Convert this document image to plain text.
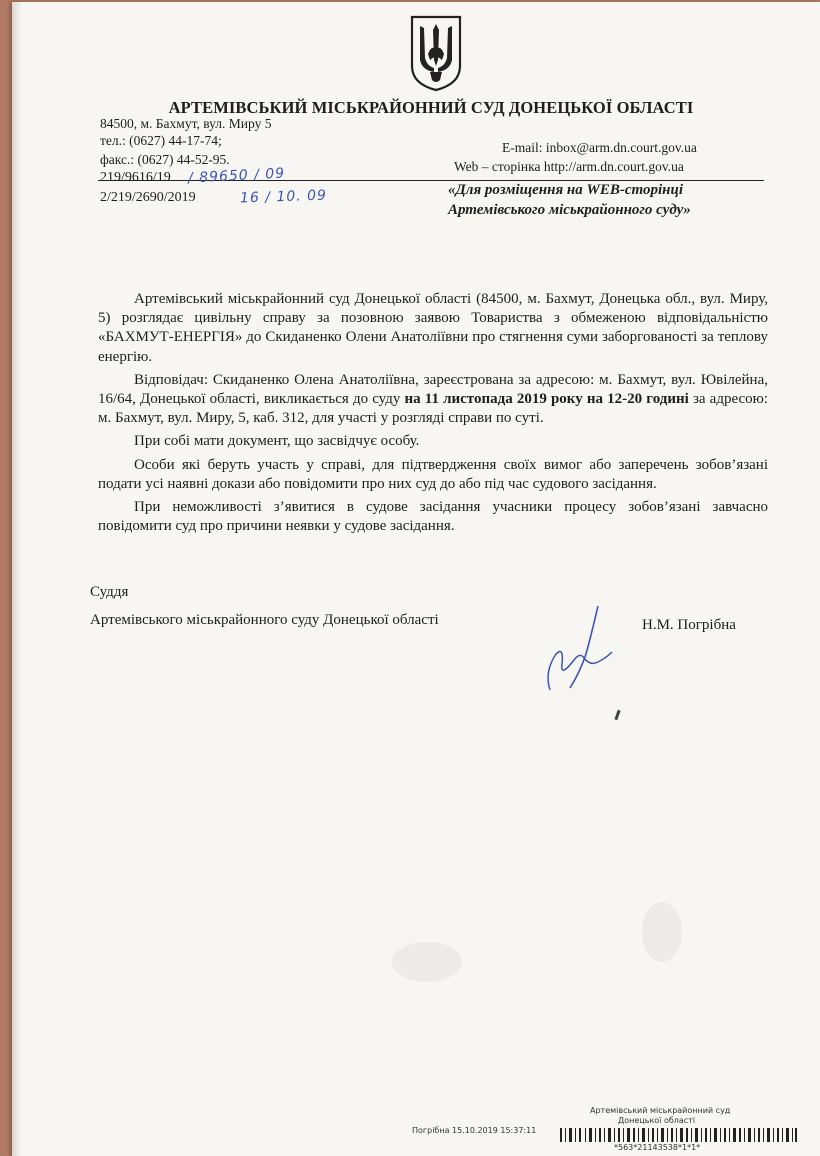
АРТЕМІВСЬКИЙ МІСЬКРАЙОННИЙ СУД ДОНЕЦЬКОЇ ОБЛАСТІ
84500, м. Бахмут, вул. Миру 5
тел.: (0627) 44-17-74;
факс.: (0627) 44-52-95.
E-mail: inbox@arm.dn.court.gov.ua
Web – сторінка http://arm.dn.court.gov.ua
219/9616/19
2/219/2690/2019
/ 89650 / 09
16 / 10. 09	«Для розміщення на WEB-сторінці
Артемівського міськрайонного суду»

Артемівський міськрайонний суд Донецької області (84500, м. Бахмут, Донецька обл., вул. Миру, 5) розглядає цивільну справу за позовною заявою Товариства з обмеженою відповідальністю «БАХМУТ-ЕНЕРГІЯ» до Скиданенко Олени Анатоліївни про стягнення суми заборгованості за теплову енергію.

Відповідач: Скиданенко Олена Анатоліївна, зареєстрована за адресою: м. Бахмут, вул. Ювілейна, 16/64, Донецької області, викликається до суду на 11 листопада 2019 року на 12-20 годині за адресою: м. Бахмут, вул. Миру, 5, каб. 312, для участі у розгляді справи по суті.

При собі мати документ, що засвідчує особу.

Особи які беруть участь у справі, для підтвердження своїх вимог або заперечень зобов’язані подати усі наявні докази або повідомити про них суд до або під час судового засідання.

При неможливості з’явитися в судове засідання учасники процесу зобов’язані завчасно повідомити суд про причини неявки у судове засідання.

Суддя
Артемівського міськрайонного суду Донецької області	Н.М. Погрібна
Артемівський міськрайонний суд
Донецької області
Погрібна 15.10.2019 15:37:11
*563*21143538*1*1*
